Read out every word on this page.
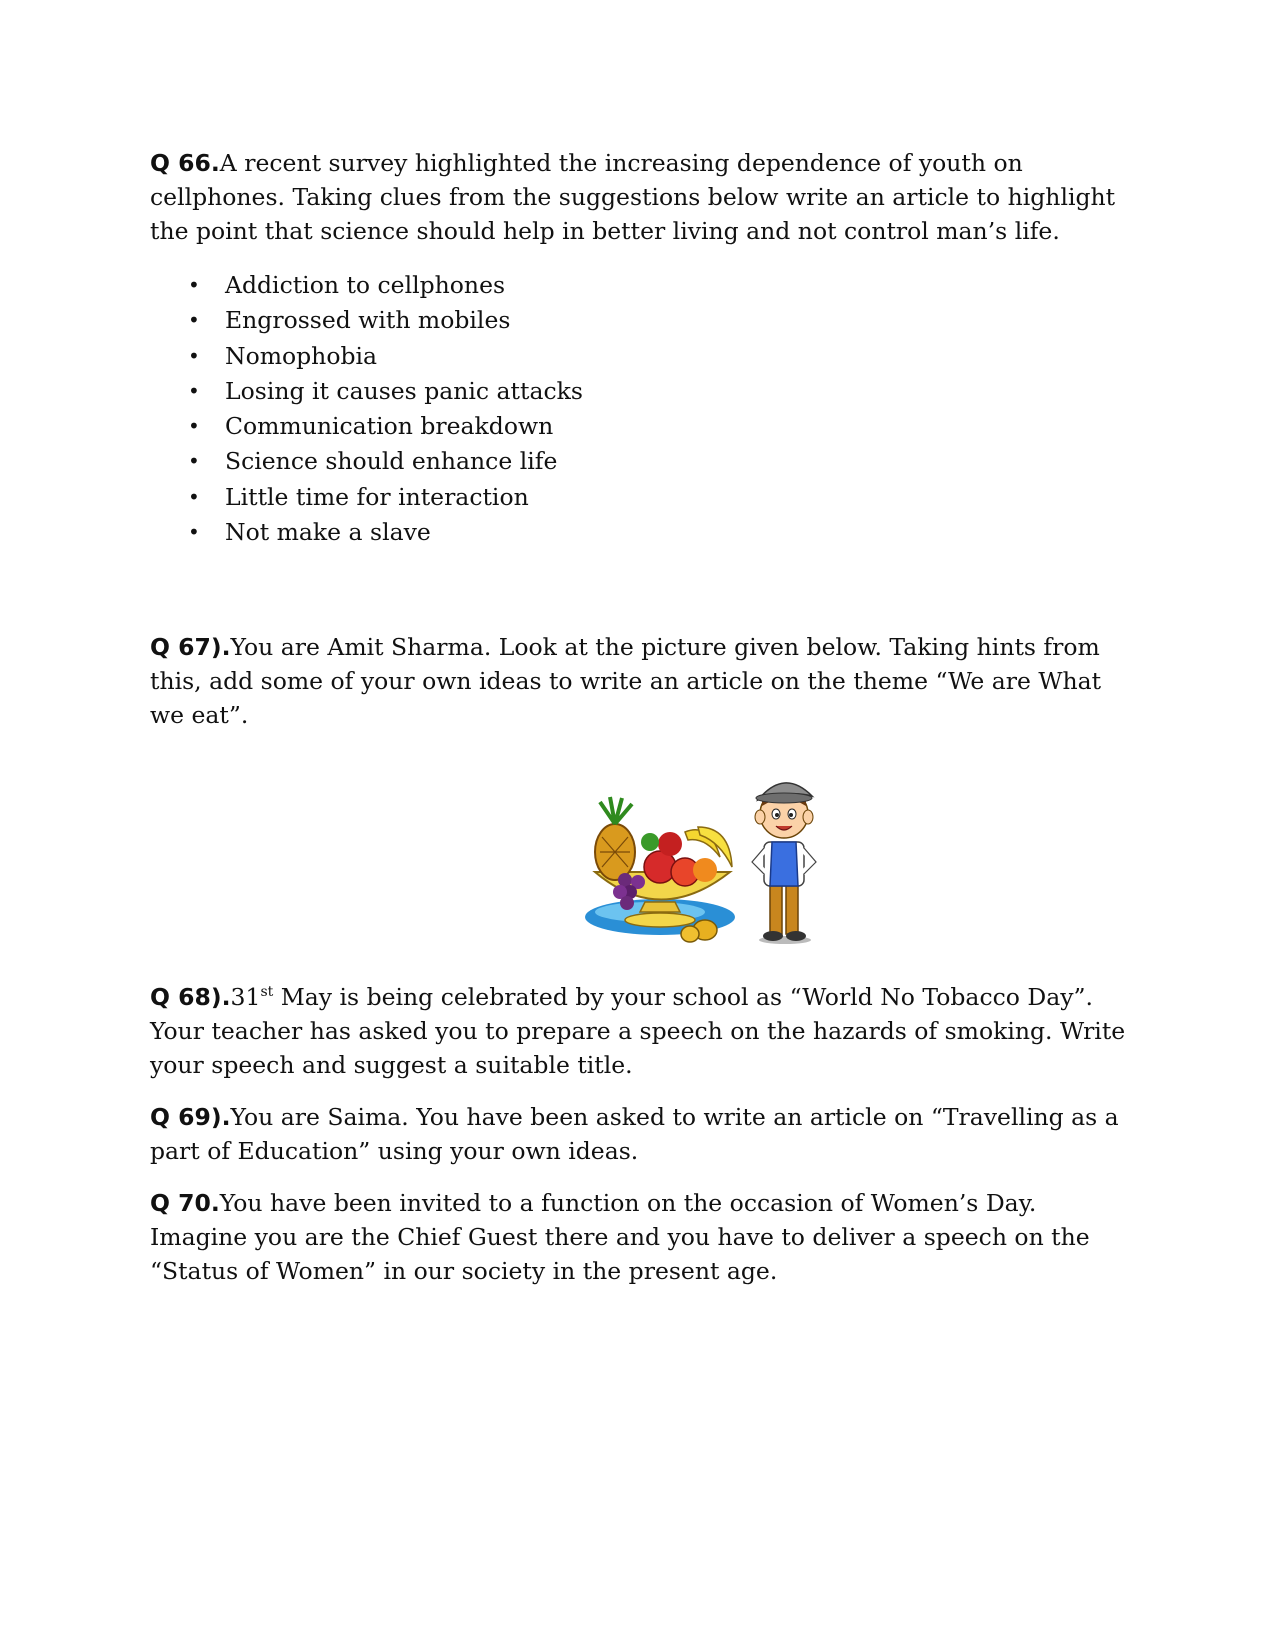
Q 66.A recent survey highlighted the increasing dependence of youth on cellphones. Taking clues from the suggestions below write an article to highlight the point that science should help in better living and not control man’s life.

• Addiction to cellphones
• Engrossed with mobiles
• Nomophobia
• Losing it causes panic attacks
• Communication breakdown
• Science should enhance life
• Little time for interaction
• Not make a slave

Q 67).You are Amit Sharma. Look at the picture given below. Taking hints from this, add some of your own ideas to write an article on the theme “We are What we eat”.

Q 68).31st May is being celebrated by your school as “World No Tobacco Day”. Your teacher has asked you to prepare a speech on the hazards of smoking. Write your speech and suggest a suitable title.

Q 69).You are Saima. You have been asked to write an article on “Travelling as a part of Education” using your own ideas.

Q 70.You have been invited to a function on the occasion of Women’s Day. Imagine you are the Chief Guest there and you have to deliver a speech on the “Status of Women” in our society in the present age.
